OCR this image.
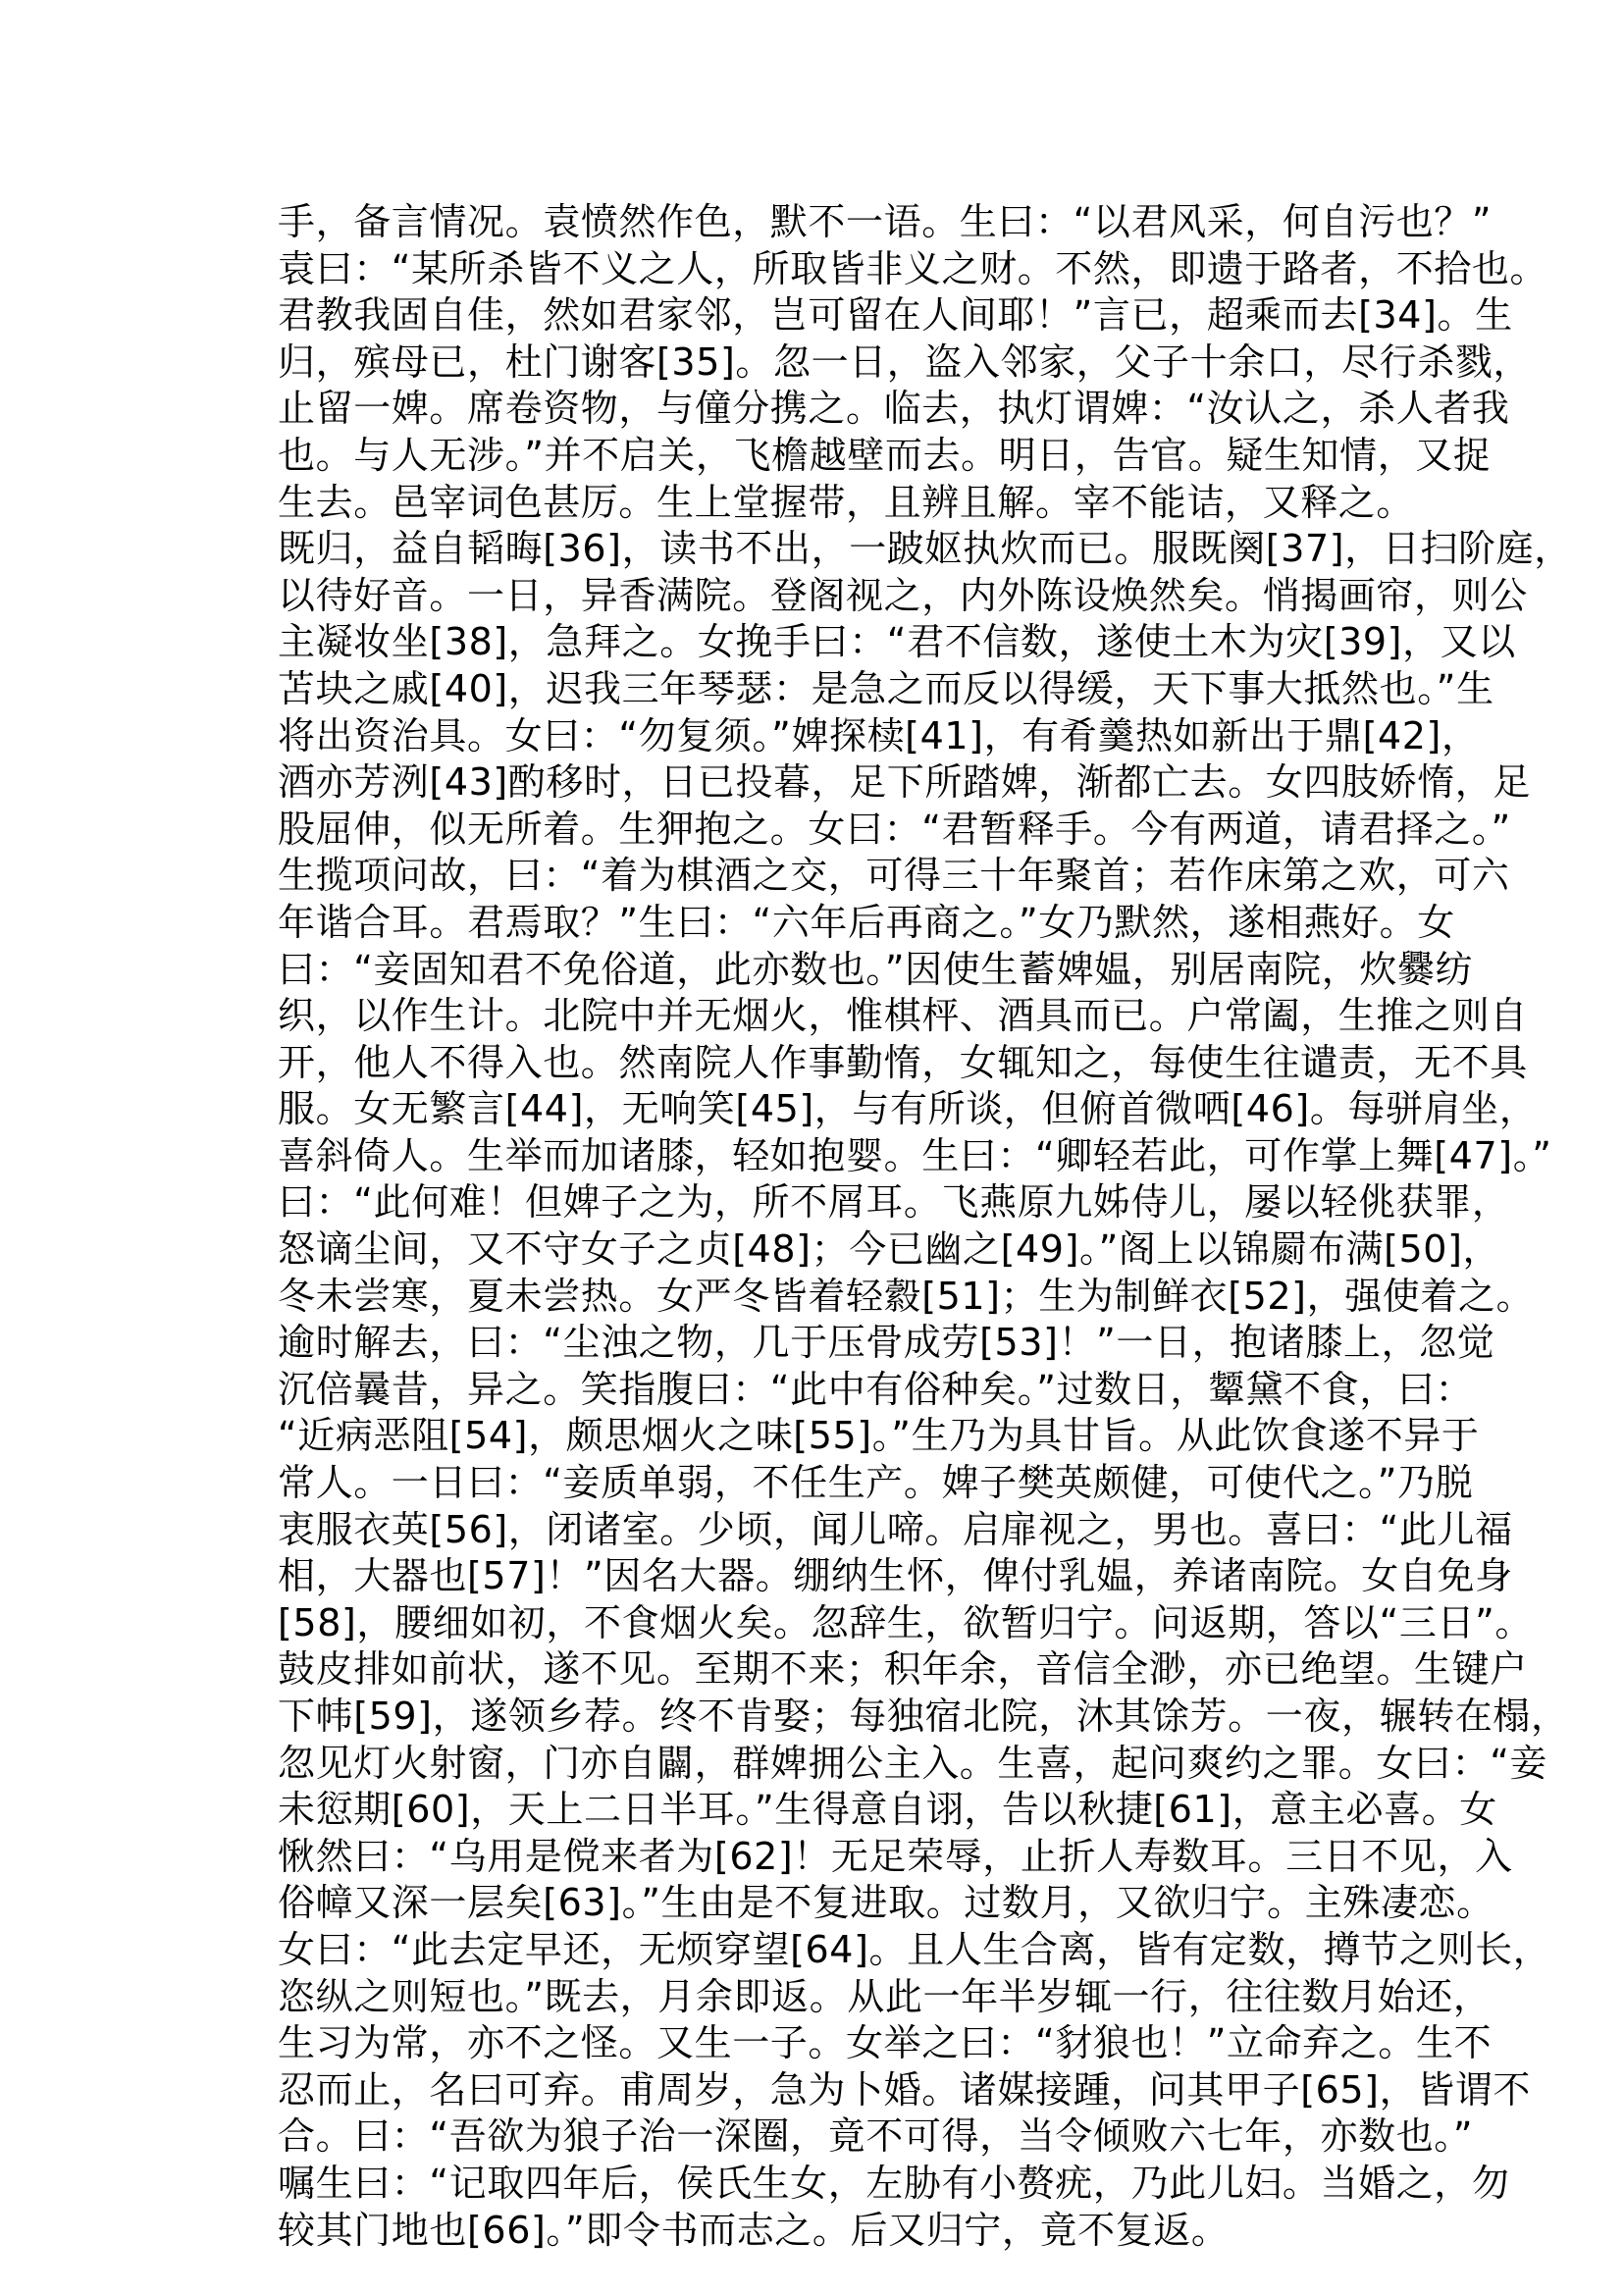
手，备言情况。袁愤然作色，默不一语。生曰：“以君风采，何自污也？”
袁曰：“某所杀皆不义之人，所取皆非义之财。不然，即遗于路者，不拾也。
君教我固自佳，然如君家邻，岂可留在人间耶！”言已，超乘而去[34]。生
归，殡母已，杜门谢客[35]。忽一日，盗入邻家，父子十余口，尽行杀戮，
止留一婢。席卷资物，与僮分携之。临去，执灯谓婢：“汝认之，杀人者我
也。与人无涉。”并不启关，飞檐越壁而去。明日，告官。疑生知情，又捉
生去。邑宰词色甚厉。生上堂握带，且辨且解。宰不能诘，又释之。
既归，益自韬晦[36]，读书不出，一跛妪执炊而已。服既阕[37]，日扫阶庭，
以待好音。一日，异香满院。登阁视之，内外陈设焕然矣。悄揭画帘，则公
主凝妆坐[38]，急拜之。女挽手曰：“君不信数，遂使土木为灾[39]，又以
苫块之戚[40]，迟我三年琴瑟：是急之而反以得缓，天下事大抵然也。”生
将出资治具。女曰：“勿复须。”婢探椟[41]，有肴羹热如新出于鼎[42]，
酒亦芳洌[43]酌移时，日已投暮，足下所踏婢，渐都亡去。女四肢娇惰，足
股屈伸，似无所着。生狎抱之。女曰：“君暂释手。今有两道，请君择之。”
生揽项问故，曰：“着为棋酒之交，可得三十年聚首；若作床第之欢，可六
年谐合耳。君焉取？”生曰：“六年后再商之。”女乃默然，遂相燕好。女
曰：“妾固知君不免俗道，此亦数也。”因使生蓄婢媪，别居南院，炊爨纺
织，以作生计。北院中并无烟火，惟棋枰、酒具而已。户常阖，生推之则自
开，他人不得入也。然南院人作事勤惰，女辄知之，每使生往谴责，无不具
服。女无繁言[44]，无响笑[45]，与有所谈，但俯首微哂[46]。每骈肩坐，
喜斜倚人。生举而加诸膝，轻如抱婴。生曰：“卿轻若此，可作掌上舞[47]。”
曰：“此何难！但婢子之为，所不屑耳。飞燕原九姊侍儿，屡以轻佻获罪，
怒谪尘间，又不守女子之贞[48]；今已幽之[49]。”阁上以锦罽布满[50]，
冬未尝寒，夏未尝热。女严冬皆着轻縠[51]；生为制鲜衣[52]，强使着之。
逾时解去，曰：“尘浊之物，几于压骨成劳[53]！”一日，抱诸膝上，忽觉
沉倍曩昔，异之。笑指腹曰：“此中有俗种矣。”过数日，颦黛不食，曰：
“近病恶阻[54]，颇思烟火之味[55]。”生乃为具甘旨。从此饮食遂不异于
常人。一日曰：“妾质单弱，不任生产。婢子樊英颇健，可使代之。”乃脱
衷服衣英[56]，闭诸室。少顷，闻儿啼。启扉视之，男也。喜曰：“此儿福
相，大器也[57]！”因名大器。绷纳生怀，俾付乳媪，养诸南院。女自免身
[58]，腰细如初，不食烟火矣。忽辞生，欲暂归宁。问返期，答以“三日”。
鼓皮排如前状，遂不见。至期不来；积年余，音信全渺，亦已绝望。生键户
下帏[59]，遂领乡荐。终不肯娶；每独宿北院，沐其馀芳。一夜，辗转在榻，
忽见灯火射窗，门亦自闢，群婢拥公主入。生喜，起问爽约之罪。女曰：“妾
未愆期[60]，天上二日半耳。”生得意自诩，告以秋捷[61]，意主必喜。女
愀然曰：“乌用是傥来者为[62]！无足荣辱，止折人寿数耳。三日不见，入
俗幛又深一层矣[63]。”生由是不复进取。过数月，又欲归宁。主殊凄恋。
女曰：“此去定早还，无烦穿望[64]。且人生合离，皆有定数，撙节之则长，
恣纵之则短也。”既去，月余即返。从此一年半岁辄一行，往往数月始还，
生习为常，亦不之怪。又生一子。女举之曰：“豺狼也！”立命弃之。生不
忍而止，名曰可弃。甫周岁，急为卜婚。诸媒接踵，问其甲子[65]，皆谓不
合。曰：“吾欲为狼子治一深圈，竟不可得，当令倾败六七年，亦数也。”
嘱生曰：“记取四年后，侯氏生女，左胁有小赘疣，乃此儿妇。当婚之，勿
较其门地也[66]。”即令书而志之。后又归宁，竟不复返。
